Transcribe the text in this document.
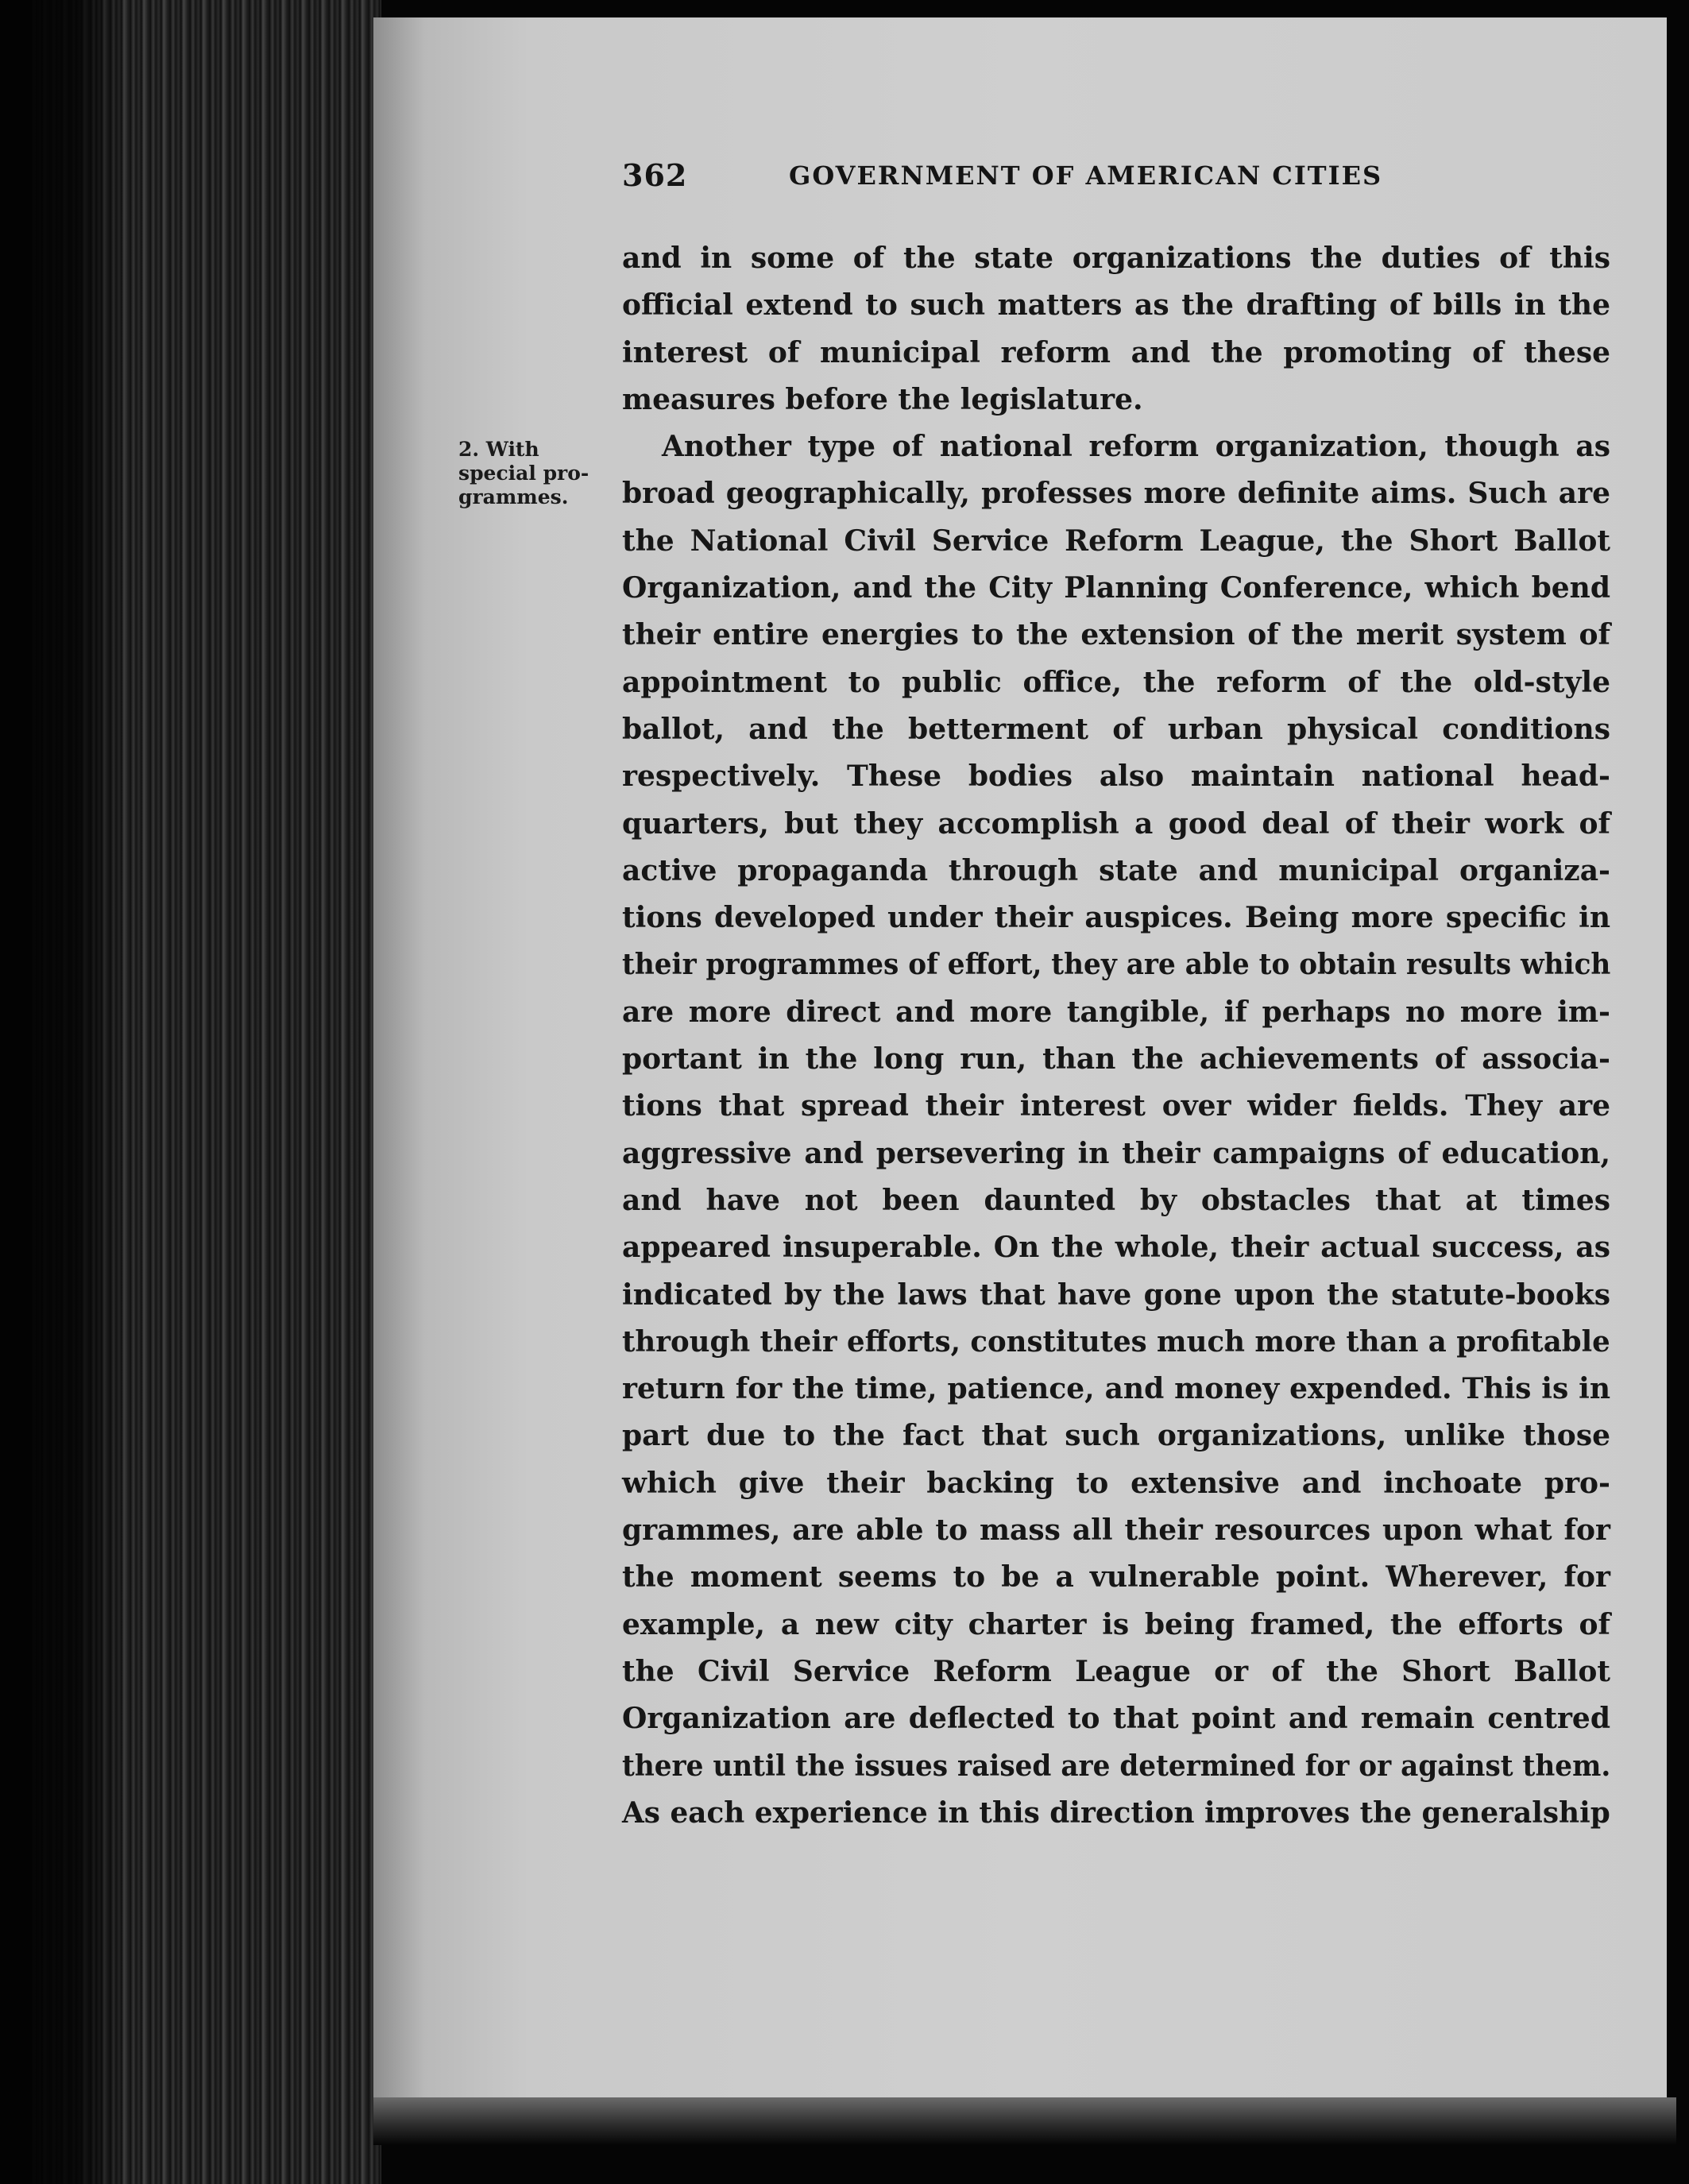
362	GOVERNMENT OF AMERICAN CITIES
2. With
special pro-
grammes.
and in some of the state organizations the duties of this
official extend to such matters as the drafting of bills in the
interest of municipal reform and the promoting of these
measures before the legislature.
Another type of national reform organization, though as
broad geographically, professes more definite aims. Such are
the National Civil Service Reform League, the Short Ballot
Organization, and the City Planning Conference, which bend
their entire energies to the extension of the merit system of
appointment to public office, the reform of the old-style
ballot, and the betterment of urban physical conditions
respectively. These bodies also maintain national head-
quarters, but they accomplish a good deal of their work of
active propaganda through state and municipal organiza-
tions developed under their auspices. Being more specific in
their programmes of effort, they are able to obtain results which
are more direct and more tangible, if perhaps no more im-
portant in the long run, than the achievements of associa-
tions that spread their interest over wider fields. They are
aggressive and persevering in their campaigns of education,
and have not been daunted by obstacles that at times
appeared insuperable. On the whole, their actual success, as
indicated by the laws that have gone upon the statute-books
through their efforts, constitutes much more than a profitable
return for the time, patience, and money expended. This is in
part due to the fact that such organizations, unlike those
which give their backing to extensive and inchoate pro-
grammes, are able to mass all their resources upon what for
the moment seems to be a vulnerable point. Wherever, for
example, a new city charter is being framed, the efforts of
the Civil Service Reform League or of the Short Ballot
Organization are deflected to that point and remain centred
there until the issues raised are determined for or against them.
As each experience in this direction improves the generalship
